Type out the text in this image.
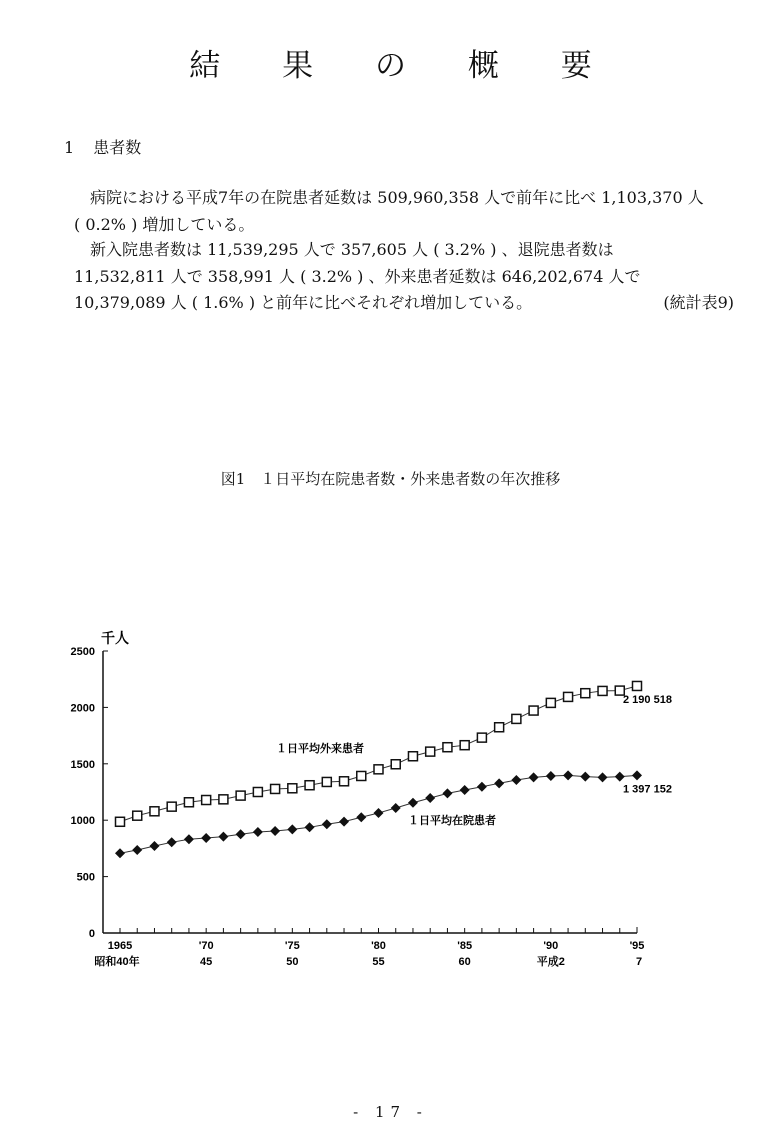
結 果 の 概 要
1 患者数
病院における平成7年の在院患者延数は 509,960,358 人で前年に比べ 1,103,370 人
( 0.2% ) 増加している。
新入院患者数は 11,539,295 人で 357,605 人 ( 3.2% ) 、退院患者数は
11,532,811 人で 358,991 人 ( 3.2% ) 、外来患者延数は 646,202,674 人で
10,379,089 人 ( 1.6% ) と前年に比べそれぞれ増加している。	(統計表9)
図1　１日平均在院患者数・外来患者数の年次推移
0
500
1000
1500
2000
2500
千人
1965
昭和40年
'70
45
'75
50
'80
55
'85
60
'90
平成2
'95
7
2 190 518
1 397 152
１日平均外来患者
１日平均在院患者
- 17 -
